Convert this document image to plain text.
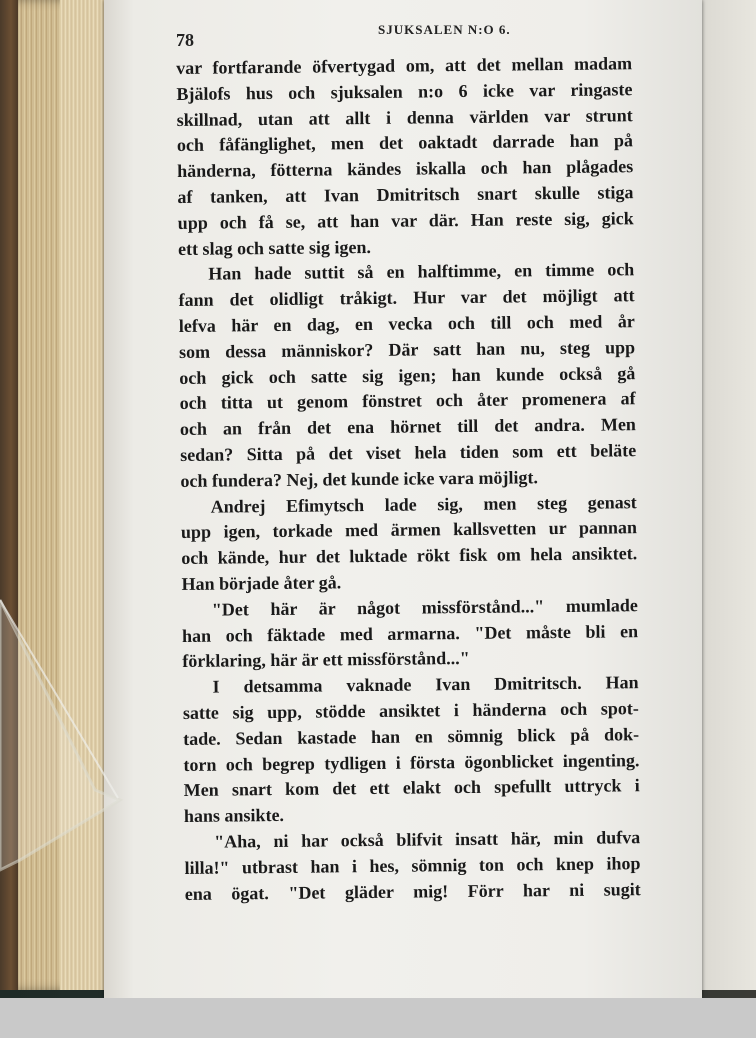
78
SJUKSALEN N:O 6.
var fortfarande öfvertygad om, att det mellan madam
Bjälofs hus och sjuksalen n:o 6 icke var ringaste
skillnad, utan att allt i denna världen var strunt
och fåfänglighet, men det oaktadt darrade han på
händerna, fötterna kändes iskalla och han plågades
af tanken, att Ivan Dmitritsch snart skulle stiga
upp och få se, att han var där. Han reste sig, gick
ett slag och satte sig igen.
Han hade suttit så en halftimme, en timme och
fann det olidligt tråkigt. Hur var det möjligt att
lefva här en dag, en vecka och till och med år
som dessa människor? Där satt han nu, steg upp
och gick och satte sig igen; han kunde också gå
och titta ut genom fönstret och åter promenera af
och an från det ena hörnet till det andra. Men
sedan? Sitta på det viset hela tiden som ett beläte
och fundera? Nej, det kunde icke vara möjligt.
Andrej Efimytsch lade sig, men steg genast
upp igen, torkade med ärmen kallsvetten ur pannan
och kände, hur det luktade rökt fisk om hela ansiktet.
Han började åter gå.
"Det här är något missförstånd..." mumlade
han och fäktade med armarna. "Det måste bli en
förklaring, här är ett missförstånd..."
I detsamma vaknade Ivan Dmitritsch. Han
satte sig upp, stödde ansiktet i händerna och spot-
tade. Sedan kastade han en sömnig blick på dok-
torn och begrep tydligen i första ögonblicket ingenting.
Men snart kom det ett elakt och spefullt uttryck i
hans ansikte.
"Aha, ni har också blifvit insatt här, min dufva
lilla!" utbrast han i hes, sömnig ton och knep ihop
ena ögat. "Det gläder mig! Förr har ni sugit
